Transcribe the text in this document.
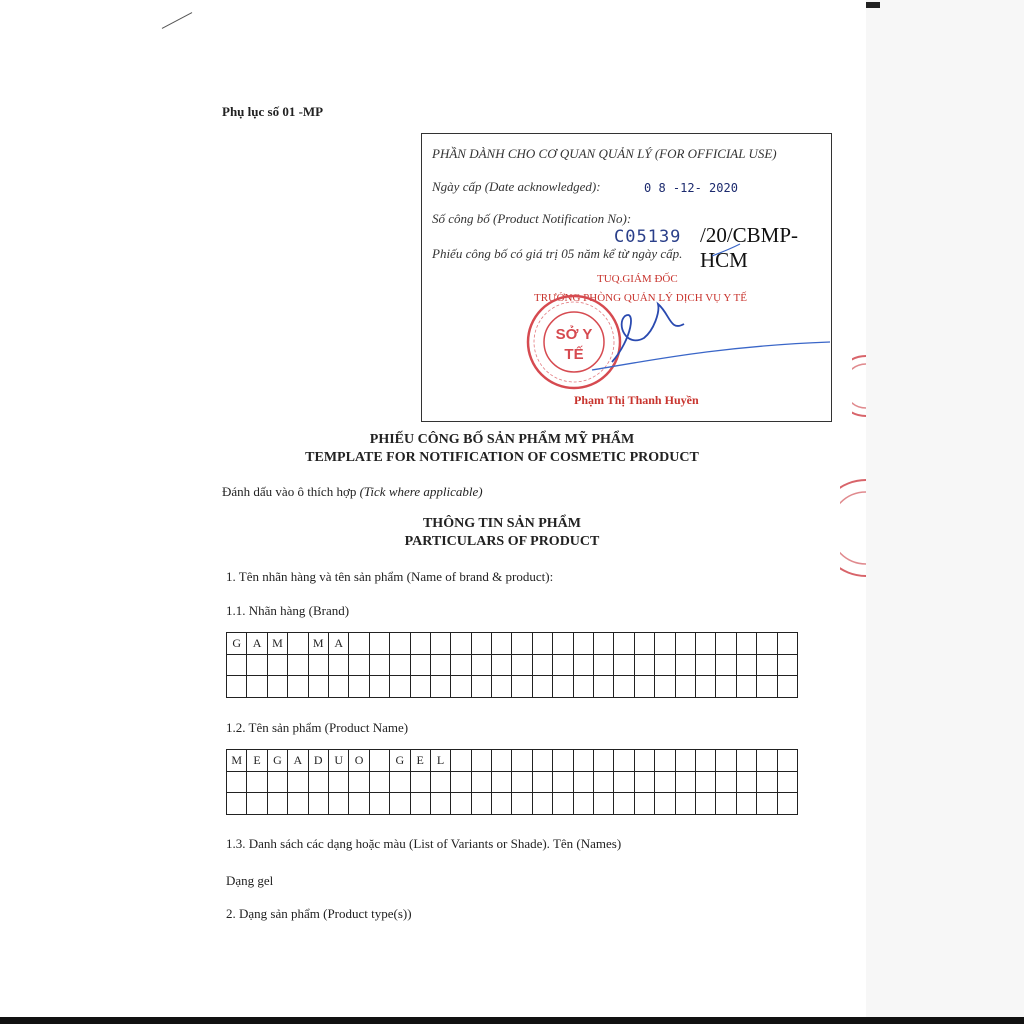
Phụ lục số 01 -MP
PHẦN DÀNH CHO CƠ QUAN QUẢN LÝ (FOR OFFICIAL USE)
Ngày cấp (Date acknowledged):	0 8 -12- 2020
Số công bố (Product Notification No):
C05139 /20/CBMP-HCM
Phiếu công bố có giá trị 05 năm kể từ ngày cấp.
TUQ.GIÁM ĐỐC
TRƯỞNG PHÒNG QUẢN LÝ DỊCH VỤ Y TẾ
SỞ Y TẾ
Phạm Thị Thanh Huyền
PHIẾU CÔNG BỐ SẢN PHẨM MỸ PHẨM
TEMPLATE FOR NOTIFICATION OF COSMETIC PRODUCT
Đánh dấu vào ô thích hợp (Tick where applicable)
THÔNG TIN SẢN PHẨM
PARTICULARS OF PRODUCT
1. Tên nhãn hàng và tên sản phẩm (Name of brand & product):
1.1. Nhãn hàng (Brand)
G	A	M		M	A																						

1.2. Tên sản phẩm (Product Name)
M	E	G	A	D	U	O		G	E	L																	

1.3. Danh sách các dạng hoặc màu (List of Variants or Shade). Tên (Names)
Dạng gel
2. Dạng sản phẩm (Product type(s))
